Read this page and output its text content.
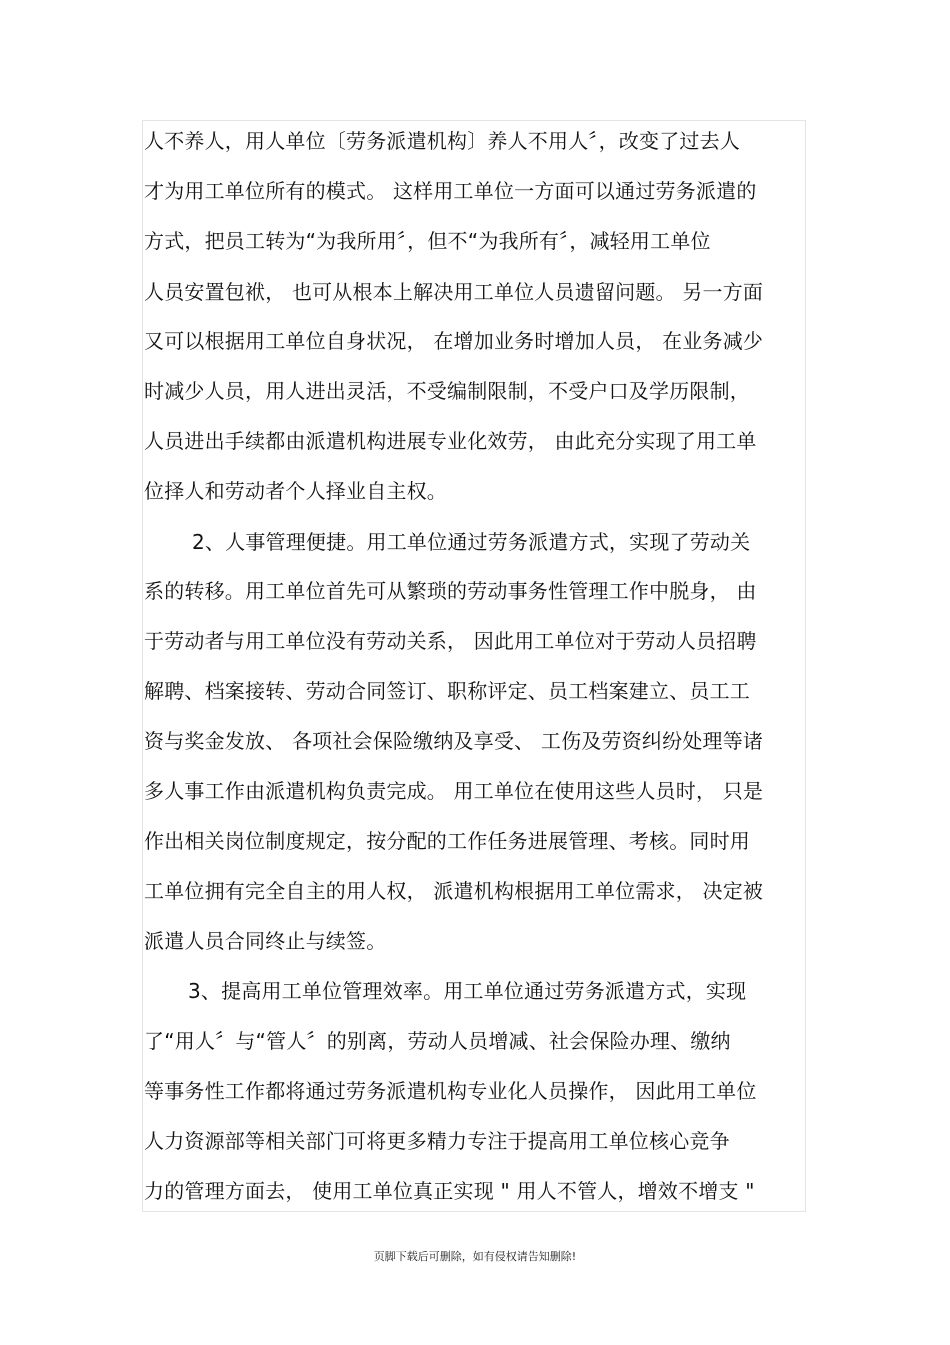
人不养人，用人单位〔劳务派遣机构〕养人不用人〞，改变了过去人
才为用工单位所有的模式。 这样用工单位一方面可以通过劳务派遣的
方式，把员工转为“为我所用〞，但不“为我所有〞，减轻用工单位
人员安置包袱， 也可从根本上解决用工单位人员遗留问题。 另一方面
又可以根据用工单位自身状况， 在增加业务时增加人员， 在业务减少
时减少人员，用人进出灵活，不受编制限制，不受户口及学历限制，
人员进出手续都由派遣机构进展专业化效劳， 由此充分实现了用工单
位择人和劳动者个人择业自主权。
2、人事管理便捷。用工单位通过劳务派遣方式，实现了劳动关
系的转移。用工单位首先可从繁琐的劳动事务性管理工作中脱身， 由
于劳动者与用工单位没有劳动关系， 因此用工单位对于劳动人员招聘
解聘、档案接转、劳动合同签订、职称评定、员工档案建立、员工工
资与奖金发放、 各项社会保险缴纳及享受、 工伤及劳资纠纷处理等诸
多人事工作由派遣机构负责完成。 用工单位在使用这些人员时， 只是
作出相关岗位制度规定，按分配的工作任务进展管理、考核。同时用
工单位拥有完全自主的用人权， 派遣机构根据用工单位需求， 决定被
派遣人员合同终止与续签。
3、提高用工单位管理效率。用工单位通过劳务派遣方式，实现
了“用人〞与“管人〞的别离，劳动人员增减、社会保险办理、缴纳
等事务性工作都将通过劳务派遣机构专业化人员操作， 因此用工单位
人力资源部等相关部门可将更多精力专注于提高用工单位核心竞争
力的管理方面去， 使用工单位真正实现 " 用人不管人，增效不增支 "
页脚下载后可删除，如有侵权请告知删除!
